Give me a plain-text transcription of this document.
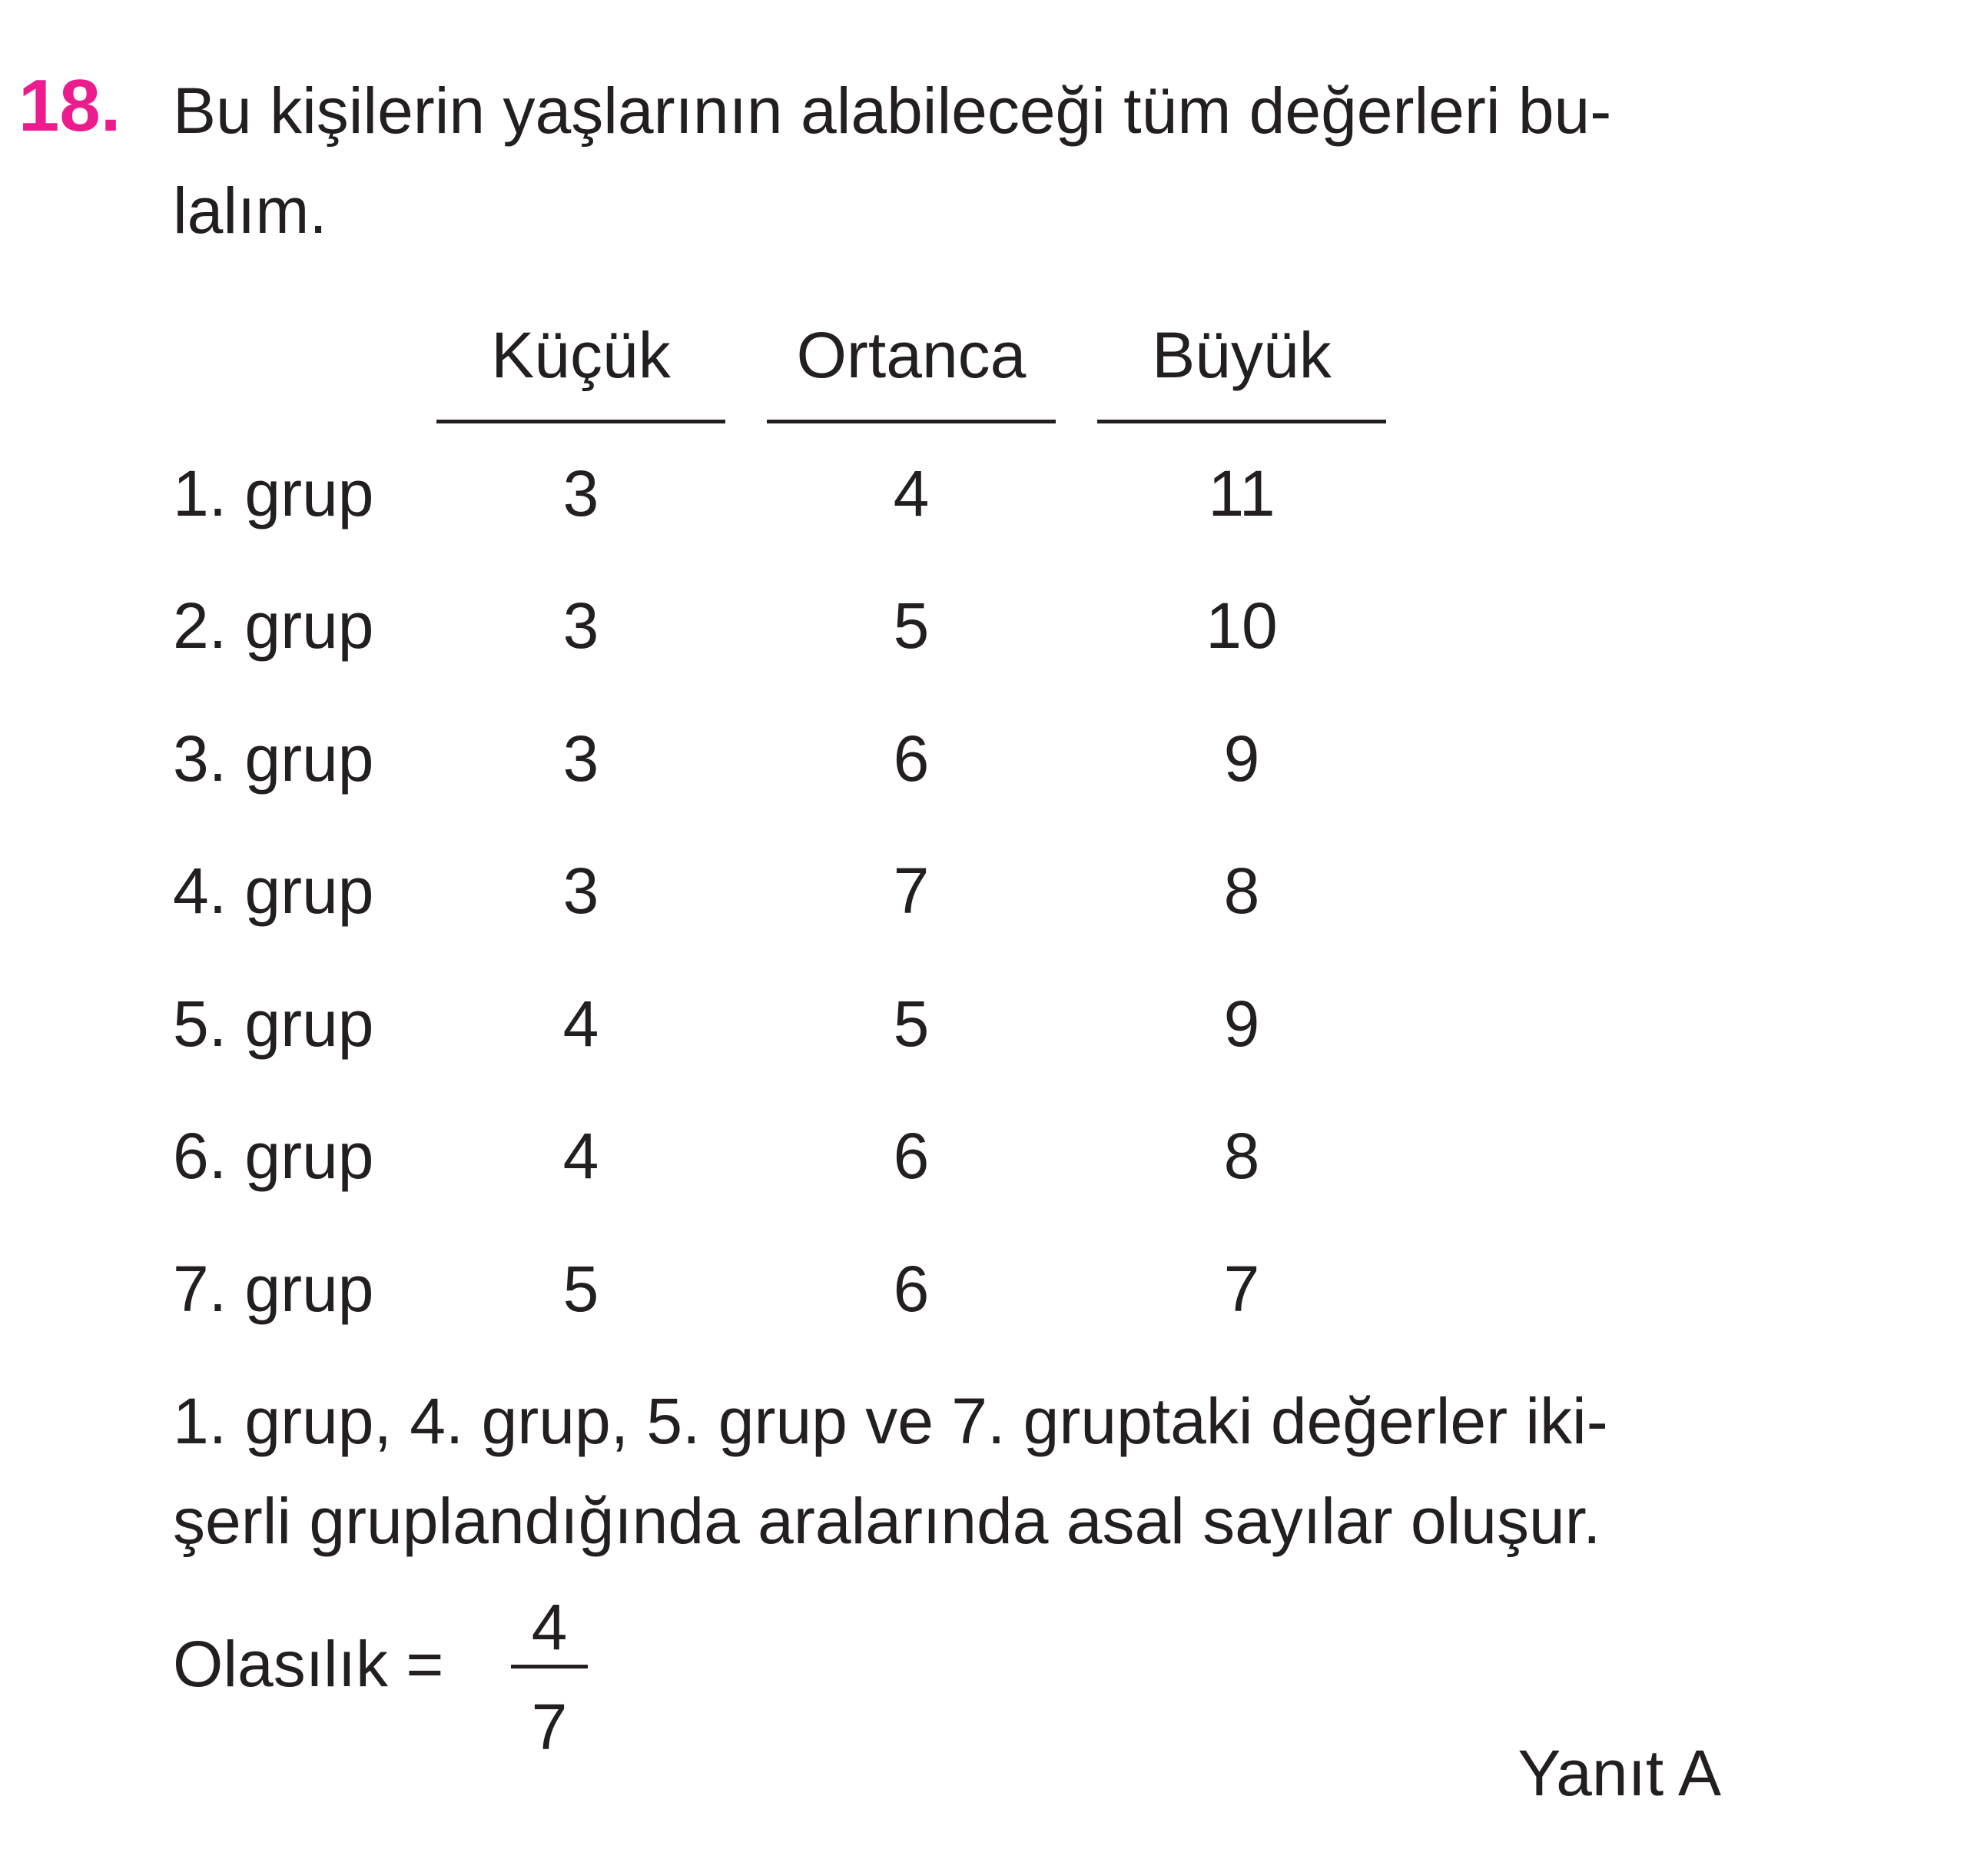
18. Bu kişilerin yaşlarının alabileceği tüm değerleri bu-
lalım.
Küçük	Ortanca	Büyük
1. grup	3	4	11
2. grup	3	5	10
3. grup	3	6	9
4. grup	3	7	8
5. grup	4	5	9
6. grup	4	6	8
7. grup	5	6	7
1. grup, 4. grup, 5. grup ve 7. gruptaki değerler iki-
şerli gruplandığında aralarında asal sayılar oluşur.
Olasılık =
4
7
Yanıt A
